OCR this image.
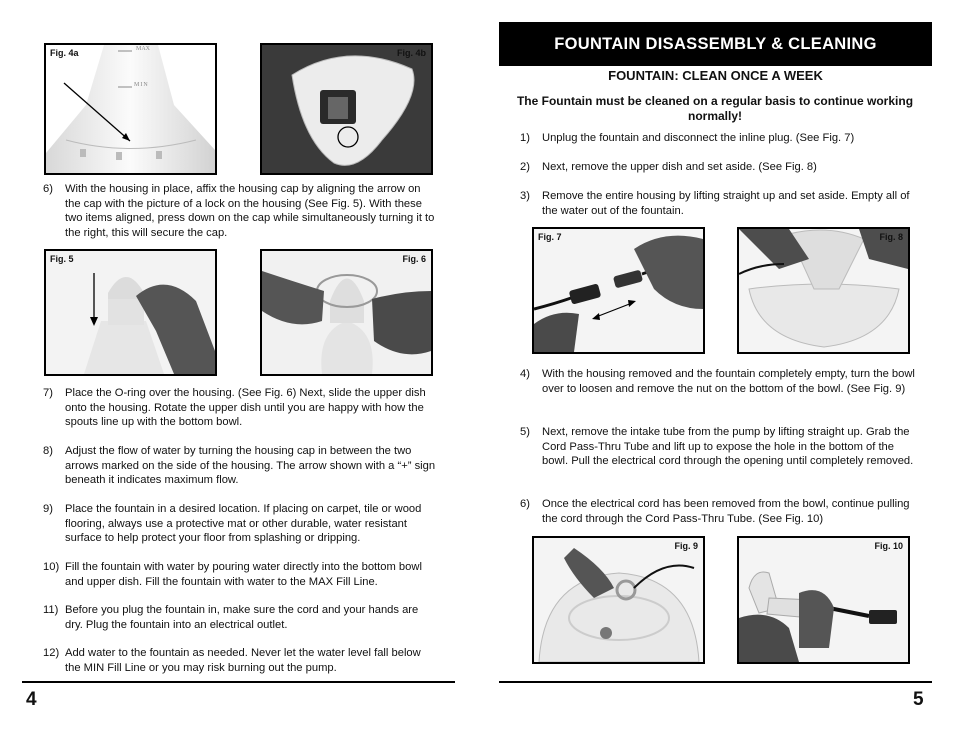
Fig. 4a	MAX
MIN
Fig. 4b
6) With the housing in place, affix the housing cap by aligning the arrow on the cap with the picture of a lock on the housing (See Fig. 5). With these two items aligned, press down on the cap while simultaneously turning it to the right, this will secure the cap.
Fig. 5	Fig. 6
7) Place the O-ring over the housing. (See Fig. 6) Next, slide the upper dish onto the housing. Rotate the upper dish until you are happy with how the spouts line up with the bottom bowl.
8) Adjust the flow of water by turning the housing cap in between the two arrows marked on the side of the housing. The arrow shown with a “+” sign beneath it indicates maximum flow.
9) Place the fountain in a desired location. If placing on carpet, tile or wood flooring, always use a protective mat or other durable, water resistant surface to help protect your floor from splashing or dripping.
10) Fill the fountain with water by pouring water directly into the bottom bowl and upper dish. Fill the fountain with water to the MAX Fill Line.
11) Before you plug the fountain in, make sure the cord and your hands are dry. Plug the fountain into an electrical outlet.
12) Add water to the fountain as needed. Never let the water level fall below the MIN Fill Line or you may risk burning out the pump.
4
FOUNTAIN DISASSEMBLY & CLEANING
FOUNTAIN: CLEAN ONCE A WEEK
The Fountain must be cleaned on a regular basis to continue working normally!
1) Unplug the fountain and disconnect the inline plug. (See Fig. 7)
2) Next, remove the upper dish and set aside. (See Fig. 8)
3) Remove the entire housing by lifting straight up and set aside. Empty all of the water out of the fountain.
Fig. 7	Fig. 8
4) With the housing removed and the fountain completely empty, turn the bowl over to loosen and remove the nut on the bottom of the bowl. (See Fig. 9)
5) Next, remove the intake tube from the pump by lifting straight up. Grab the Cord Pass-Thru Tube and lift up to expose the hole in the bottom of the bowl. Pull the electrical cord through the opening until completely removed.
6) Once the electrical cord has been removed from the bowl, continue pulling the cord through the Cord Pass-Thru Tube. (See Fig. 10)
Fig. 9	Fig. 10
5
